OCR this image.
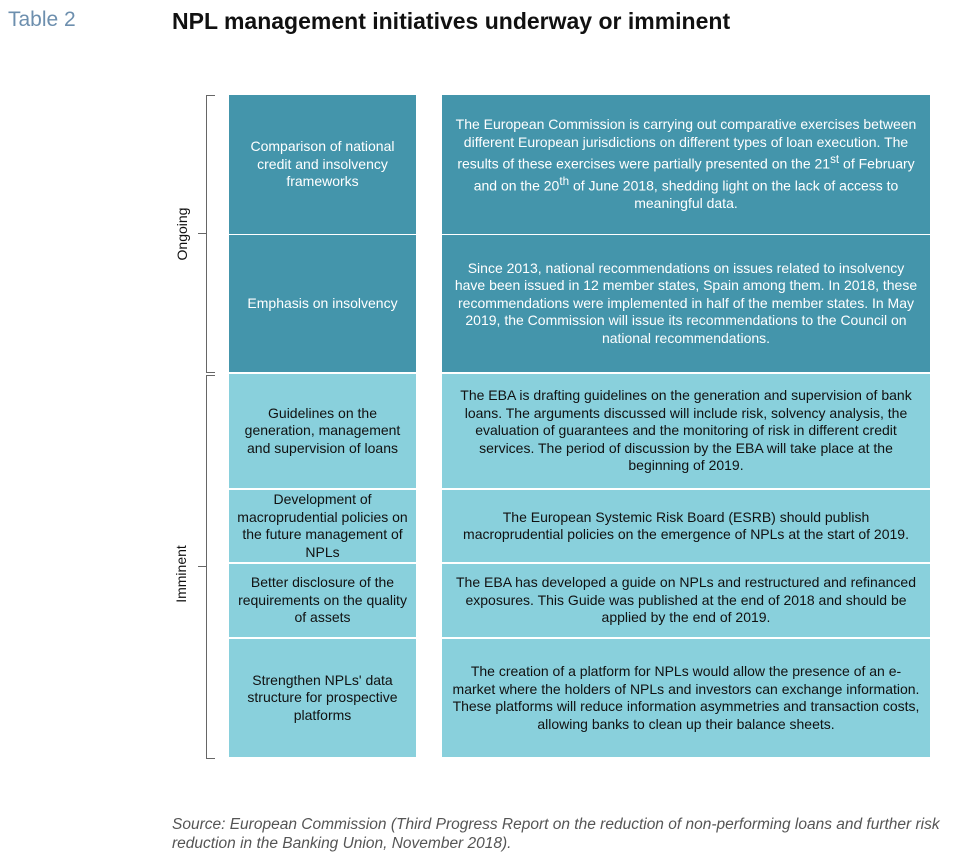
Table 2	NPL management initiatives underway or imminent
Ongoing
Imminent
Comparison of national credit and insolvency frameworks
The European Commission is carrying out comparative exercises between different European jurisdictions on different types of loan execution. The results of these exercises were partially presented on the 21st of February and on the 20th of June 2018, shedding light on the lack of access to meaningful data.
Emphasis on insolvency
Since 2013, national recommendations on issues related to insolvency have been issued in 12 member states, Spain among them. In 2018, these recommendations were implemented in half of the member states. In May 2019, the Commission will issue its recommendations to the Council on national recommendations.
Guidelines on the generation, management and supervision of loans
The EBA is drafting guidelines on the generation and supervision of bank loans. The arguments discussed will include risk, solvency analysis, the evaluation of guarantees and the monitoring of risk in different credit services. The period of discussion by the EBA will take place at the beginning of 2019.
Development of macroprudential policies on the future management of NPLs
The European Systemic Risk Board (ESRB) should publish macroprudential policies on the emergence of NPLs at the start of 2019.
Better disclosure of the requirements on the quality of assets
The EBA has developed a guide on NPLs and restructured and refinanced exposures. This Guide was published at the end of 2018 and should be applied by the end of 2019.
Strengthen NPLs' data structure for prospective platforms
The creation of a platform for NPLs would allow the presence of an e-market where the holders of NPLs and investors can exchange information. These platforms will reduce information asymmetries and transaction costs, allowing banks to clean up their balance sheets.
Source: European Commission (Third Progress Report on the reduction of non-performing loans and further risk reduction in the Banking Union, November 2018).
